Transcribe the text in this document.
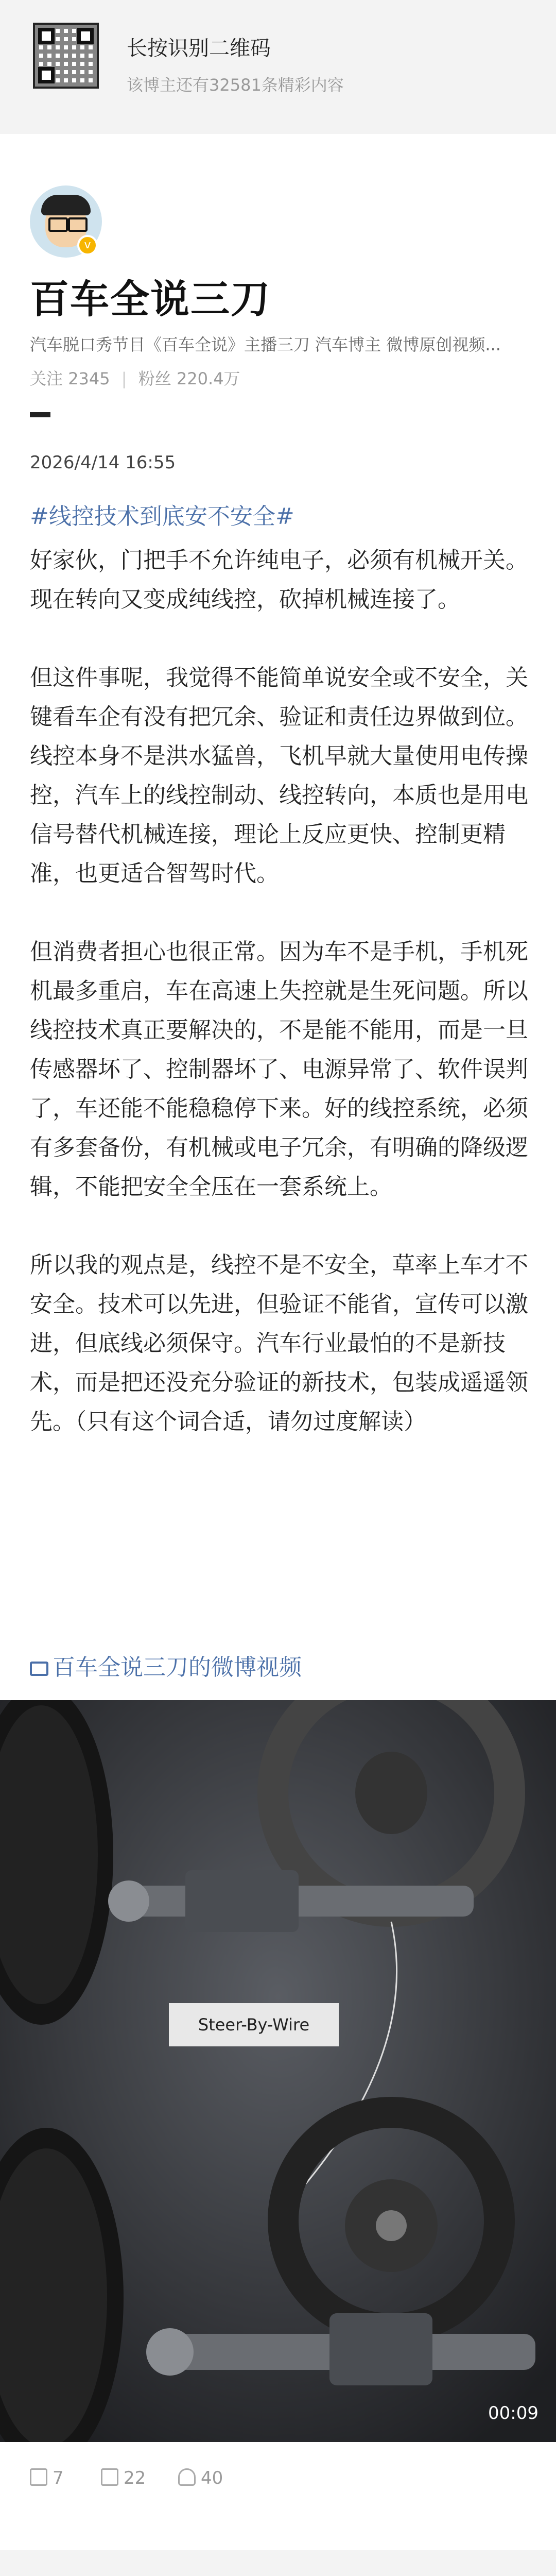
长按识别二维码
该博主还有32581条精彩内容
v
百车全说三刀
汽车脱口秀节目《百车全说》主播三刀 汽车博主 微博原创视频...
关注 2345 | 粉丝 220.4万
2026/4/14 16:55
#线控技术到底安不安全#

好家伙，门把手不允许纯电子，必须有机械开关。现在转向又变成纯线控，砍掉机械连接了。

但这件事呢，我觉得不能简单说安全或不安全，关键看车企有没有把冗余、验证和责任边界做到位。线控本身不是洪水猛兽，飞机早就大量使用电传操控，汽车上的线控制动、线控转向，本质也是用电信号替代机械连接，理论上反应更快、控制更精准，也更适合智驾时代。

但消费者担心也很正常。因为车不是手机，手机死机最多重启，车在高速上失控就是生死问题。所以线控技术真正要解决的，不是能不能用，而是一旦传感器坏了、控制器坏了、电源异常了、软件误判了，车还能不能稳稳停下来。好的线控系统，必须有多套备份，有机械或电子冗余，有明确的降级逻辑，不能把安全全压在一套系统上。

所以我的观点是，线控不是不安全，草率上车才不安全。技术可以先进，但验证不能省，宣传可以激进，但底线必须保守。汽车行业最怕的不是新技术，而是把还没充分验证的新技术，包装成遥遥领先。（只有这个词合适，请勿过度解读）

百车全说三刀的微博视频
Steer-By-Wire
00:09
7	22	40
